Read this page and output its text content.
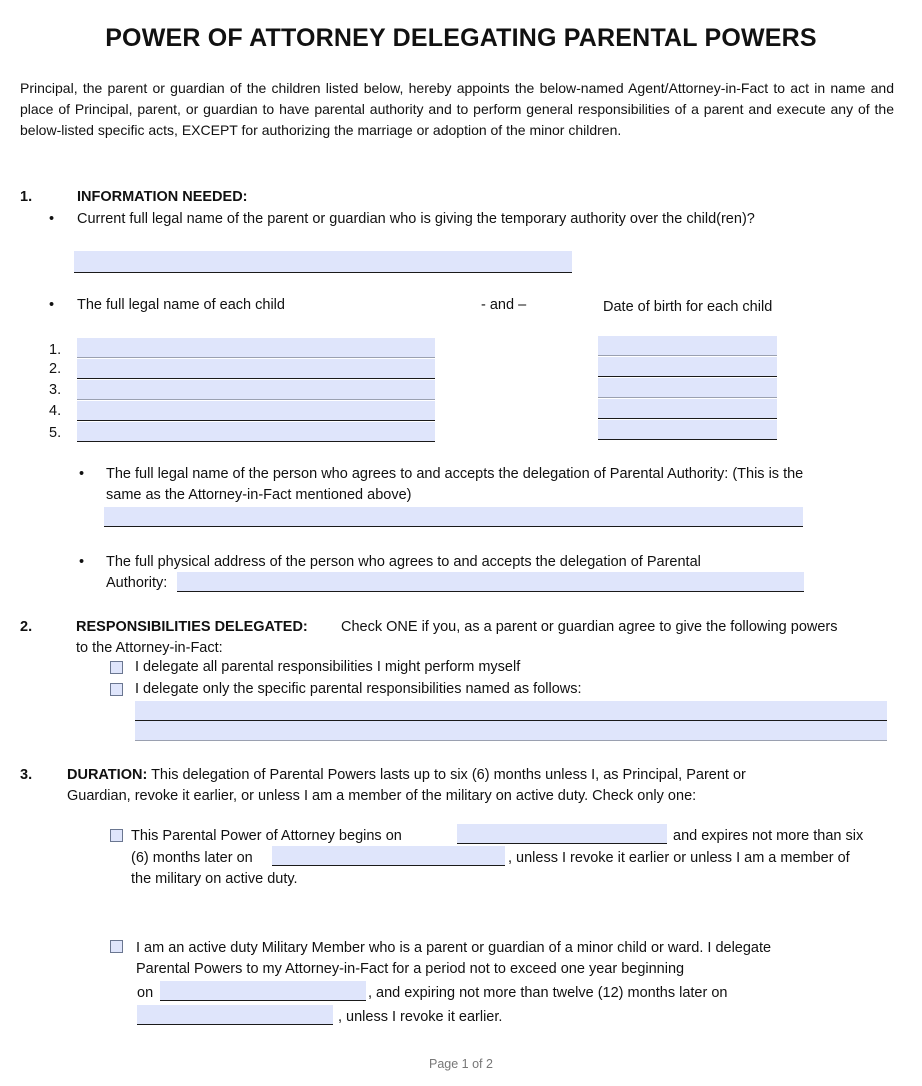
POWER OF ATTORNEY DELEGATING PARENTAL POWERS
Principal, the parent or guardian of the children listed below, hereby appoints the below-named Agent/Attorney-in-Fact to act in name and place of Principal, parent, or guardian to have parental authority and to perform general responsibilities of a parent and execute any of the below-listed specific acts, EXCEPT for authorizing the marriage or adoption of the minor children.
1.	INFORMATION NEEDED:
• Current full legal name of the parent or guardian who is giving the temporary authority over the child(ren)?
• The full legal name of each child	- and –	Date of birth for each child
1.
2.
3.
4.
5.
• The full legal name of the person who agrees to and accepts the delegation of Parental Authority: (This is the
same as the Attorney-in-Fact mentioned above)
• The full physical address of the person who agrees to and accepts the delegation of Parental
Authority:
2.	RESPONSIBILITIES DELEGATED: Check ONE if you, as a parent or guardian agree to give the following powers
to the Attorney-in-Fact:
I delegate all parental responsibilities I might perform myself
I delegate only the specific parental responsibilities named as follows:
3. DURATION: This delegation of Parental Powers lasts up to six (6) months unless I, as Principal, Parent or
Guardian, revoke it earlier, or unless I am a member of the military on active duty. Check only one:
This Parental Power of Attorney begins on	and expires not more than six
(6) months later on	, unless I revoke it earlier or unless I am a member of
the military on active duty.
I am an active duty Military Member who is a parent or guardian of a minor child or ward. I delegate
Parental Powers to my Attorney-in-Fact for a period not to exceed one year beginning
on	, and expiring not more than twelve (12) months later on
, unless I revoke it earlier.
Page 1 of 2
